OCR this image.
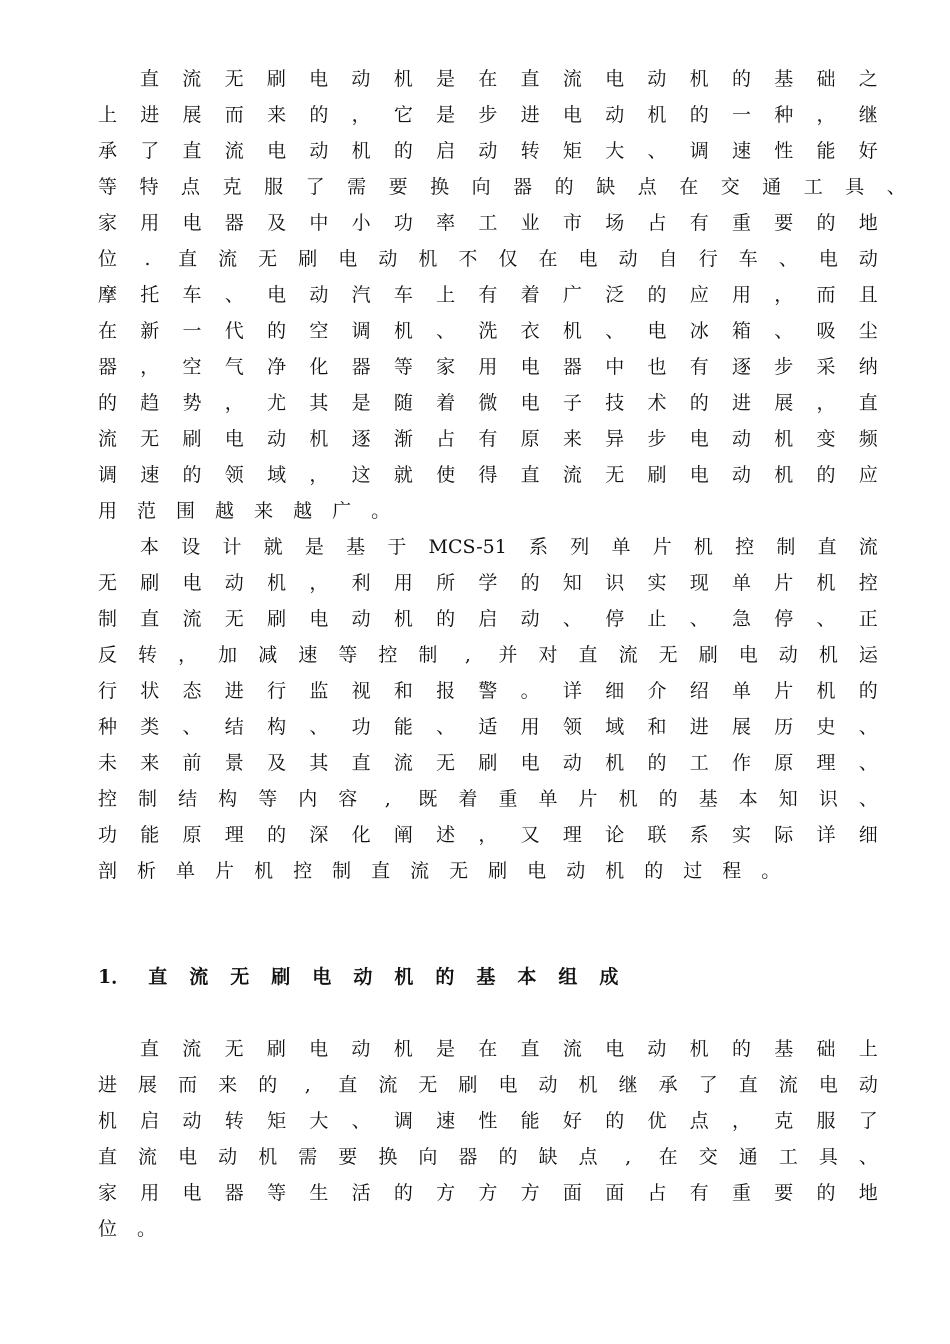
直 流 无 刷 电 动 机 是 在 直 流 电 动 机 的 基 础 之
上 进 展 而 来 的 ， 它 是 步 进 电 动 机 的 一 种 ， 继
承 了 直 流 电 动 机 的 启 动 转 矩 大 、 调 速 性 能 好
等 特 点 克 服 了 需 要 换 向 器 的 缺 点 在 交 通 工 具 、
家 用 电 器 及 中 小 功 率 工 业 市 场 占 有 重 要 的 地
位	.	直 流 无 刷 电 动 机 不 仅 在 电 动 自 行 车 、 电 动
摩 托 车 、 电 动 汽 车 上 有 着 广 泛 的 应 用 ， 而 且
在 新 一 代 的 空 调 机 、 洗 衣 机 、 电 冰 箱 、 吸 尘
器 ， 空 气 净 化 器 等 家 用 电 器 中 也 有 逐 步 采 纳
的 趋 势 ， 尤 其 是 随 着 微 电 子 技 术 的 进 展 ， 直
流 无 刷 电 动 机 逐 渐 占 有 原 来 异 步 电 动 机 变 频
调 速 的 领 域 ， 这 就 使 得 直 流 无 刷 电 动 机 的 应
用 范 围 越 来 越 广 。
本 设 计 就 是 基 于 MCS-51 系 列 单 片 机 控 制 直 流
无 刷 电 动 机 ， 利 用 所 学 的 知 识 实 现 单 片 机 控
制 直 流 无 刷 电 动 机 的 启 动 、 停 止 、 急 停 、 正
反 转 ， 加 减 速 等 控 制	,	并 对 直 流 无 刷 电 动 机 运
行 状 态 进 行 监 视 和 报 警 。 详 细 介 绍 单 片 机 的
种 类 、 结 构 、 功 能 、 适 用 领 域 和 进 展 历 史 、
未 来 前 景 及 其 直 流 无 刷 电 动 机 的 工 作 原 理 、
控 制 结 构 等 内 容	,	既 着 重 单 片 机 的 基 本 知 识 、
功 能 原 理 的 深 化 阐 述 ， 又 理 论 联 系 实 际 详 细
剖 析 单 片 机 控 制 直 流 无 刷 电 动 机 的 过 程 。
1． 直 流 无 刷 电 动 机 的 基 本 组 成
直 流 无 刷 电 动 机 是 在 直 流 电 动 机 的 基 础 上
进 展 而 来 的	,	直 流 无 刷 电 动 机 继 承 了 直 流 电 动
机 启 动 转 矩 大 、 调 速 性 能 好 的 优 点 ， 克 服 了
直 流 电 动 机 需 要 换 向 器 的 缺 点	,	在 交 通 工 具 、
家 用 电 器 等 生 活 的 方 方 方 面 面 占 有 重 要 的 地
位 。
